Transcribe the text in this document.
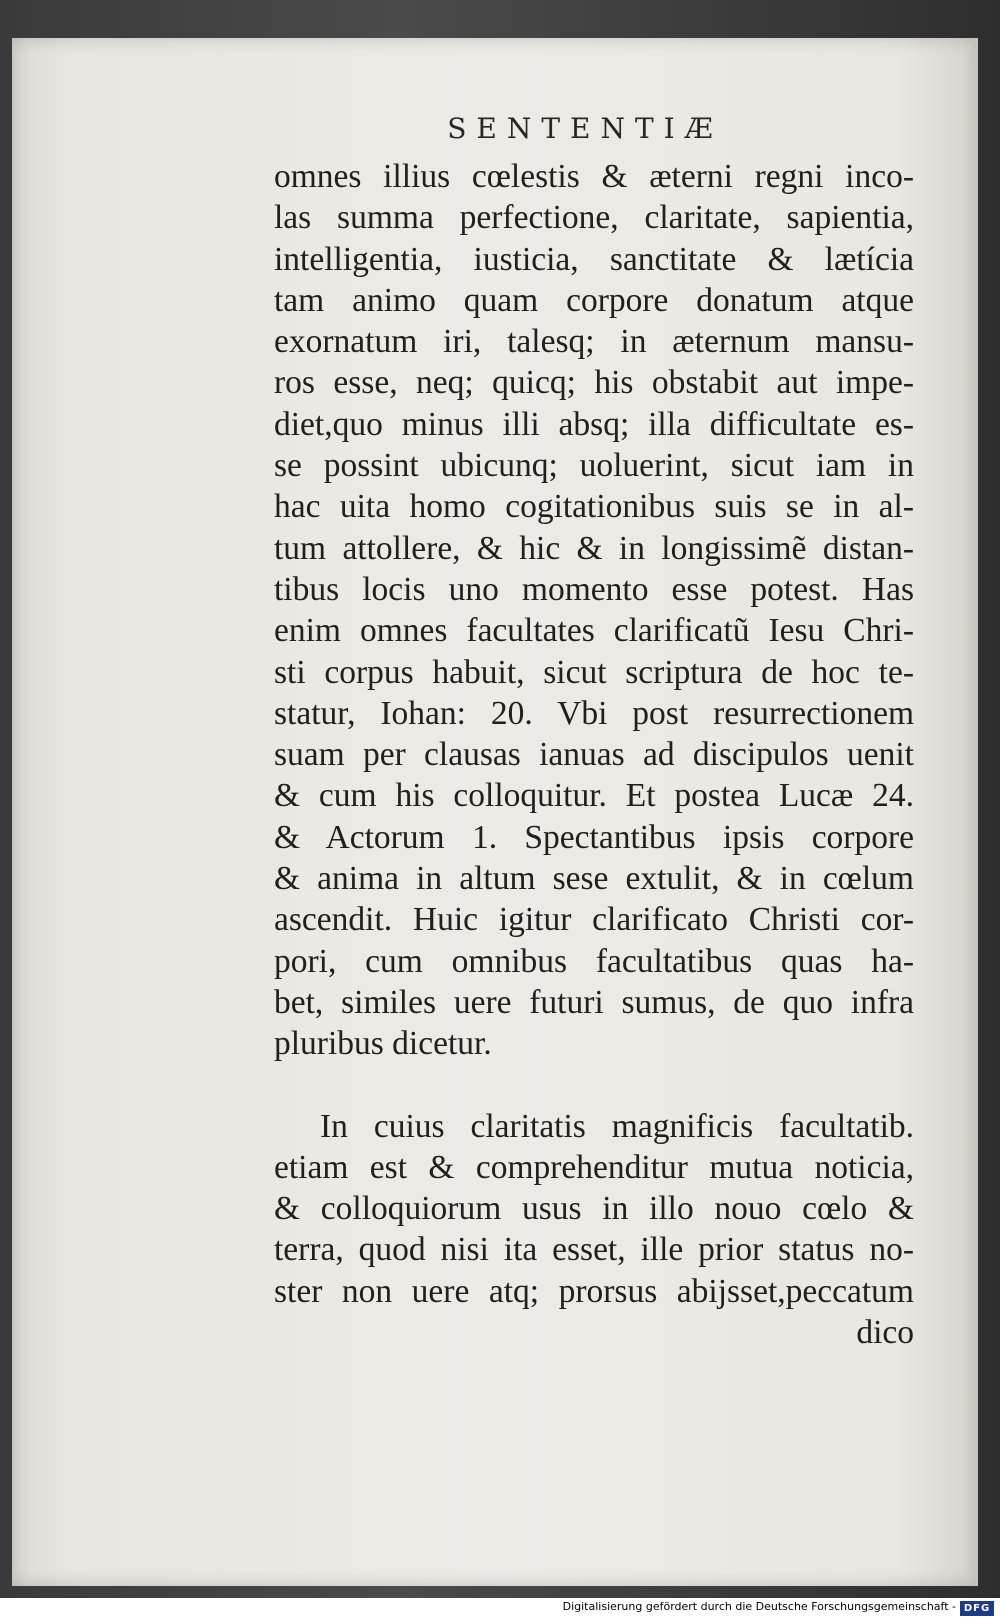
SENTENTIÆ
omnes illius cœlestis & æterni regni inco-
las summa perfectione, claritate, sapientia,
intelligentia, iusticia, sanctitate & lætícia
tam animo quam corpore donatum atque
exornatum iri, talesq; in æternum mansu-
ros esse, neq; quicq; his obstabit aut impe-
diet,quo minus illi absq; illa difficultate es-
se possint ubicunq; uoluerint, sicut iam in
hac uita homo cogitationibus suis se in al-
tum attollere, & hic & in longissimẽ distan-
tibus locis uno momento esse potest. Has
enim omnes facultates clarificatũ Iesu Chri-
sti corpus habuit, sicut scriptura de hoc te-
statur, Iohan: 20. Vbi post resurrectionem
suam per clausas ianuas ad discipulos uenit
& cum his colloquitur. Et postea Lucæ 24.
& Actorum 1. Spectantibus ipsis corpore
& anima in altum sese extulit, & in cœlum
ascendit. Huic igitur clarificato Christi cor-
pori, cum omnibus facultatibus quas ha-
bet, similes uere futuri sumus, de quo infra
pluribus dicetur.
In cuius claritatis magnificis facultatib.
etiam est & comprehenditur mutua noticia,
& colloquiorum usus in illo nouo cœlo &
terra, quod nisi ita esset, ille prior status no-
ster non uere atq; prorsus abijsset,peccatum
dico
Digitalisierung gefördert durch die Deutsche Forschungsgemeinschaft - DFG
